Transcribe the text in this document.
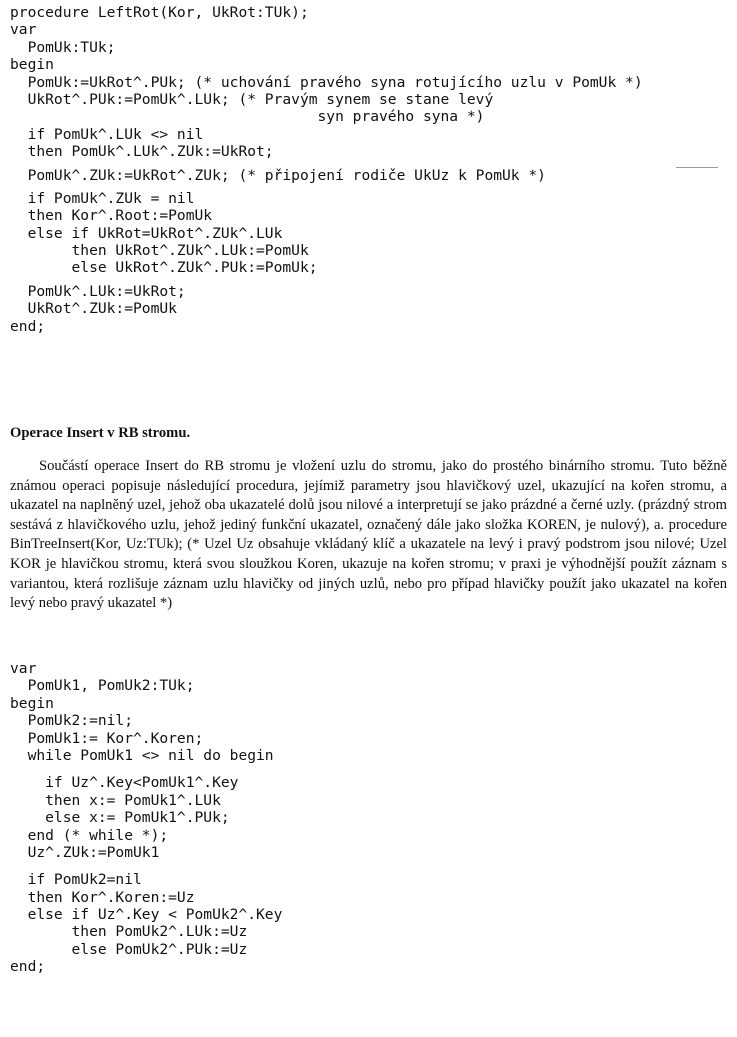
procedure LeftRot(Kor, UkRot:TUk);
var
PomUk:TUk;
begin
PomUk:=UkRot^.PUk; (* uchování pravého syna rotujícího uzlu v PomUk *)
UkRot^.PUk:=PomUk^.LUk; (* Pravým synem se stane levý
syn pravého syna *)
if PomUk^.LUk <> nil
then PomUk^.LUk^.ZUk:=UkRot;
PomUk^.ZUk:=UkRot^.ZUk; (* připojení rodiče UkUz k PomUk *)
if PomUk^.ZUk = nil
then Kor^.Root:=PomUk
else if UkRot=UkRot^.ZUk^.LUk
then UkRot^.ZUk^.LUk:=PomUk
else UkRot^.ZUk^.PUk:=PomUk;
PomUk^.LUk:=UkRot;
UkRot^.ZUk:=PomUk
end;

Operace Insert v RB stromu.

Součástí operace Insert do RB stromu je vložení uzlu do stromu, jako do prostého binárního stromu. Tuto běžně známou operaci popisuje následující procedura, jejímiž parametry jsou hlavičkový uzel, ukazující na kořen stromu, a ukazatel na naplněný uzel, jehož oba ukazatelé dolů jsou nilové a interpretují se jako prázdné a černé uzly. (prázdný strom sestává z hlavičkového uzlu, jehož jediný funkční ukazatel, označený dále jako složka KOREN, je nulový), a. procedure BinTreeInsert(Kor, Uz:TUk); (* Uzel Uz obsahuje vkládaný klíč a ukazatele na levý i pravý podstrom jsou nilové; Uzel KOR je hlavičkou stromu, která svou sloužkou Koren, ukazuje na kořen stromu; v praxi je výhodnější použít záznam s variantou, která rozlišuje záznam uzlu hlavičky od jiných uzlů, nebo pro případ hlavičky použít jako ukazatel na kořen levý nebo pravý ukazatel *)

var
PomUk1, PomUk2:TUk;
begin
PomUk2:=nil;
PomUk1:= Kor^.Koren;
while PomUk1 <> nil do begin
if Uz^.Key<PomUk1^.Key
then x:= PomUk1^.LUk
else x:= PomUk1^.PUk;
end (* while *);
Uz^.ZUk:=PomUk1
if PomUk2=nil
then Kor^.Koren:=Uz
else if Uz^.Key < PomUk2^.Key
then PomUk2^.LUk:=Uz
else PomUk2^.PUk:=Uz
end;
